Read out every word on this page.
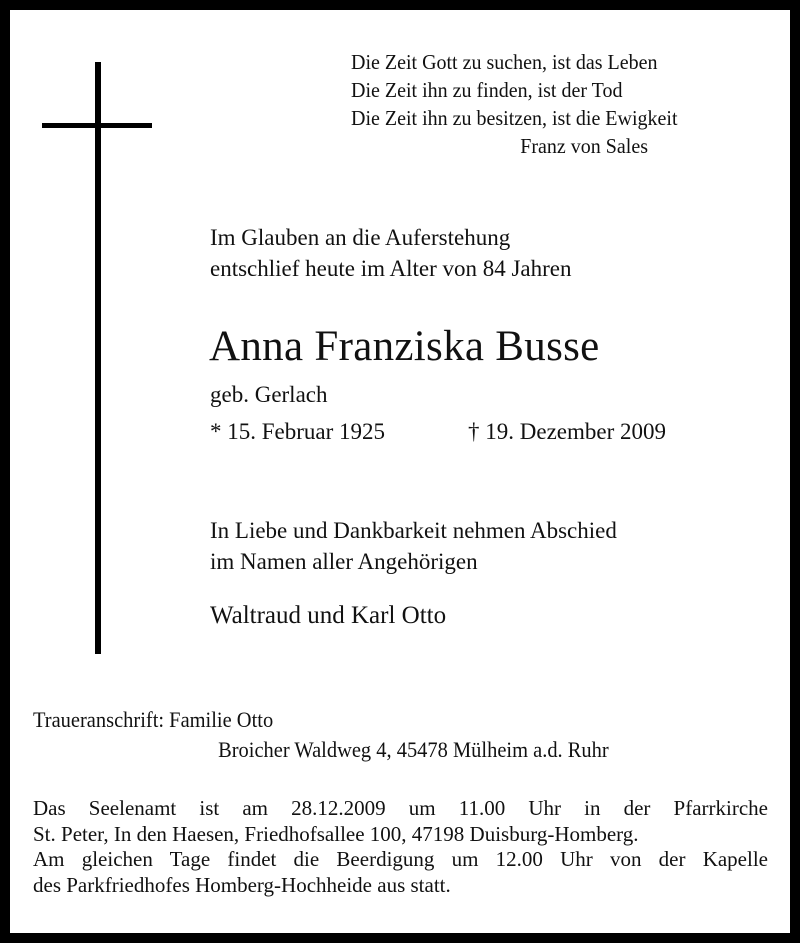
Die Zeit Gott zu suchen, ist das Leben
Die Zeit ihn zu finden, ist der Tod
Die Zeit ihn zu besitzen, ist die Ewigkeit
Franz von Sales
Im Glauben an die Auferstehung
entschlief heute im Alter von 84 Jahren
Anna Franziska Busse
geb. Gerlach
* 15. Februar 1925	† 19. Dezember 2009
In Liebe und Dankbarkeit nehmen Abschied
im Namen aller Angehörigen
Waltraud und Karl Otto
Traueranschrift: Familie Otto
Broicher Waldweg 4, 45478 Mülheim a.d. Ruhr
Das Seelenamt ist am 28.12.2009 um 11.00 Uhr in der Pfarrkirche
St. Peter, In den Haesen, Friedhofsallee 100, 47198 Duisburg-Homberg.
Am gleichen Tage findet die Beerdigung um 12.00 Uhr von der Kapelle
des Parkfriedhofes Homberg-Hochheide aus statt.
